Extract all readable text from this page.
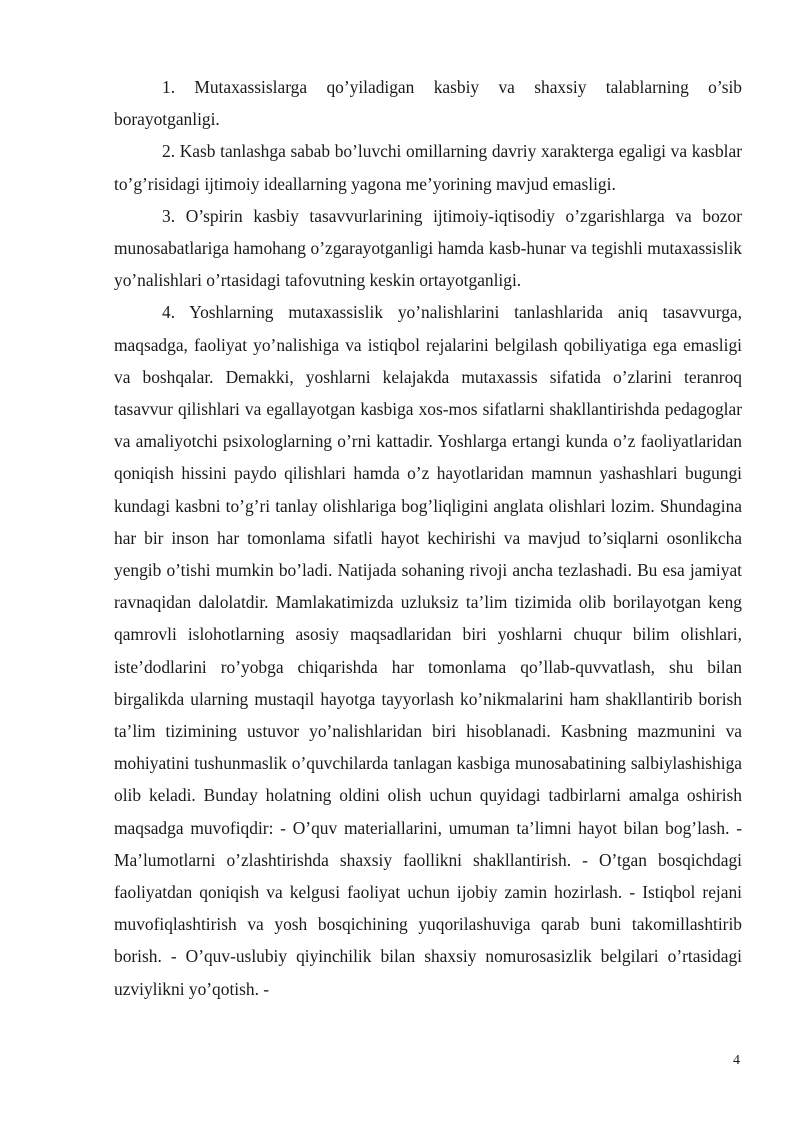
1. Mutaxassislarga qo’yiladigan kasbiy va shaxsiy talablarning o’sib borayotganligi.

2. Kasb tanlashga sabab bo’luvchi omillarning davriy xarakterga egaligi va kasblar to’g’risidagi ijtimoiy ideallarning yagona me’yorining mavjud emasligi.

3. O’spirin kasbiy tasavvurlarining ijtimoiy-iqtisodiy o’zgarishlarga va bozor munosabatlariga hamohang o’zgarayotganligi hamda kasb-hunar va tegishli mutaxassislik yo’nalishlari o’rtasidagi tafovutning keskin ortayotganligi.

4. Yoshlarning mutaxassislik yo’nalishlarini tanlashlarida aniq tasavvurga, maqsadga, faoliyat yo’nalishiga va istiqbol rejalarini belgilash qobiliyatiga ega emasligi va boshqalar. Demakki, yoshlarni kelajakda mutaxassis sifatida o’zlarini teranroq tasavvur qilishlari va egallayotgan kasbiga xos-mos sifatlarni shakllantirishda pedagoglar va amaliyotchi psixologlarning o’rni kattadir. Yoshlarga ertangi kunda o’z faoliyatlaridan qoniqish hissini paydo qilishlari hamda o’z hayotlaridan mamnun yashashlari bugungi kundagi kasbni to’g’ri tanlay olishlariga bog’liqligini anglata olishlari lozim. Shundagina har bir inson har tomonlama sifatli hayot kechirishi va mavjud to’siqlarni osonlikcha yengib o’tishi mumkin bo’ladi. Natijada sohaning rivoji ancha tezlashadi. Bu esa jamiyat ravnaqidan dalolatdir. Mamlakatimizda uzluksiz ta’lim tizimida olib borilayotgan keng qamrovli islohotlarning asosiy maqsadlaridan biri yoshlarni chuqur bilim olishlari, iste’dodlarini ro’yobga chiqarishda har tomonlama qo’llab-quvvatlash, shu bilan birgalikda ularning mustaqil hayotga tayyorlash ko’nikmalarini ham shakllantirib borish ta’lim tizimining ustuvor yo’nalishlaridan biri hisoblanadi. Kasbning mazmunini va mohiyatini tushunmaslik o’quvchilarda tanlagan kasbiga munosabatining salbiylashishiga olib keladi. Bunday holatning oldini olish uchun quyidagi tadbirlarni amalga oshirish maqsadga muvofiqdir: - O’quv materiallarini, umuman ta’limni hayot bilan bog’lash. - Ma’lumotlarni o’zlashtirishda shaxsiy faollikni shakllantirish. - O’tgan bosqichdagi faoliyatdan qoniqish va kelgusi faoliyat uchun ijobiy zamin hozirlash. - Istiqbol rejani muvofiqlashtirish va yosh bosqichining yuqorilashuviga qarab buni takomillashtirib borish. - O’quv-uslubiy qiyinchilik bilan shaxsiy nomurosasizlik belgilari o’rtasidagi uzviylikni yo’qotish. -

4
